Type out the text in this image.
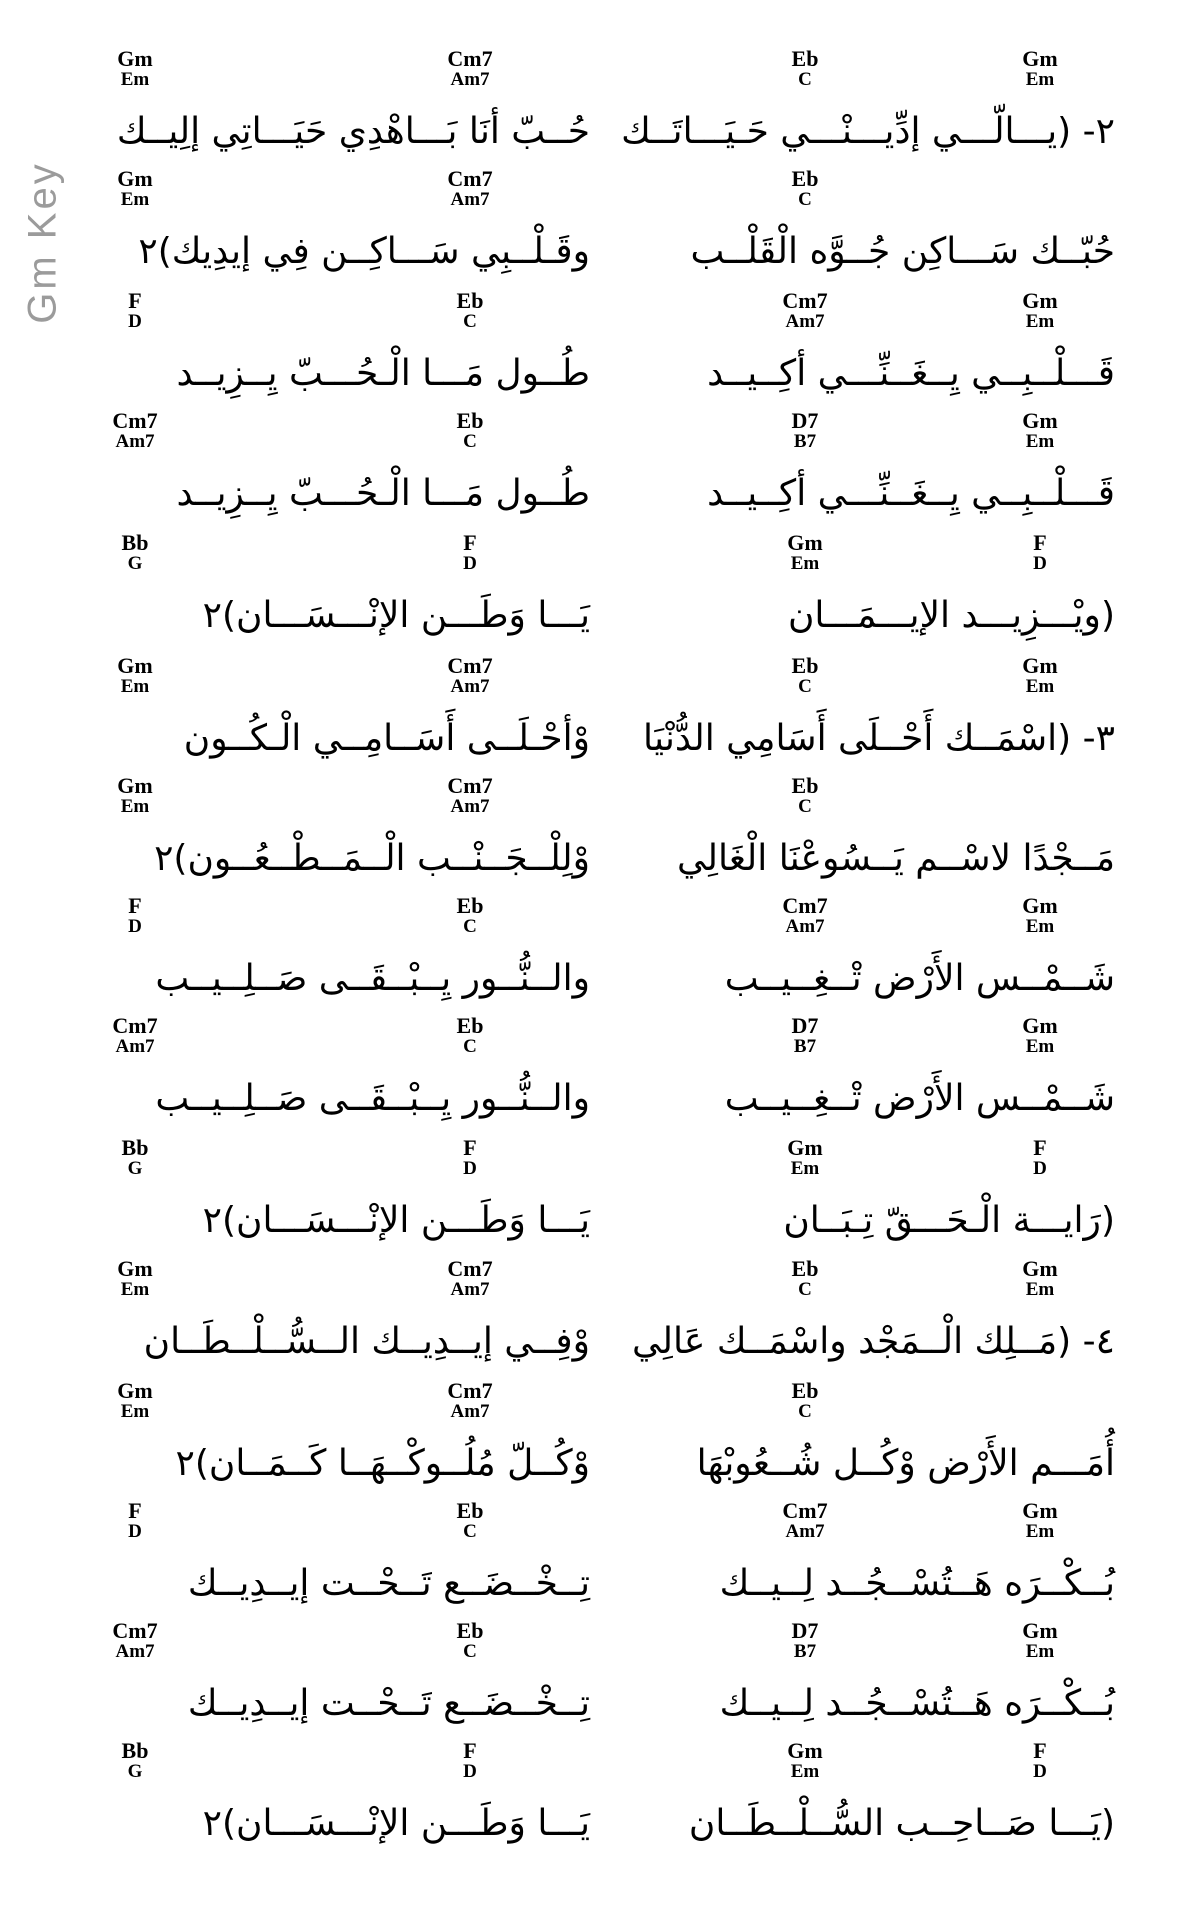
Gm Key
Gm
Em
Cm7
Am7
Eb
C
Gm
Em
٢- (يـــالّـــي إدِّيـــنْـــي حَـيَـــاتَــك
حُــبّ أنَا بَـــاهْدِي حَيَـــاتِي إلِيــك
Gm
Em
Cm7
Am7
Eb
C
حُبّــك سَـــاكِن جُــوَّه الْقَلْــب
وقَـلْــبِي سَـــاكِــن فِي إيدِيك)٢
F
D
Eb
C
Cm7
Am7
Gm
Em
قَـــلْــبِــي يِــغَــنِّـــي أكِــيــد
طُــول مَـــا الْـحُـــبّ يِــزِيــد
Cm7
Am7
Eb
C
D7
B7
Gm
Em
قَـــلْــبِــي يِــغَــنِّـــي أكِــيــد
طُــول مَـــا الْـحُـــبّ يِــزِيــد
Bb
G
F
D
Gm
Em
F
D
(ويْـــزِيـــد الإيـــمَـــان
يَـــا وَطَـــن الإنْـــسَـــان)٢
Gm
Em
Cm7
Am7
Eb
C
Gm
Em
٣- (اسْمَــك أَحْــلَى أَسَامِي الدُّنْيَا
وْأحْـلَــى أَسَــامِــي الْـكُــون
Gm
Em
Cm7
Am7
Eb
C
مَــجْدًا لاسْــم يَــسُوعْنَا الْغَالِي
وْلِلْــجَــنْــب الْــمَــطْــعُــون)٢
F
D
Eb
C
Cm7
Am7
Gm
Em
شَــمْــس الأَرْض تْــغِــيــب
والــنُّــور يِــبْــقَــى صَــلِــيــب
Cm7
Am7
Eb
C
D7
B7
Gm
Em
شَــمْــس الأَرْض تْــغِــيــب
والــنُّــور يِــبْــقَــى صَــلِــيــب
Bb
G
F
D
Gm
Em
F
D
(رَايـــة الْـحَـــقّ تِـبَــان
يَـــا وَطَـــن الإنْـــسَـــان)٢
Gm
Em
Cm7
Am7
Eb
C
Gm
Em
٤- (مَــلِك الْــمَجْد واسْمَــك عَالِي
وْفِــي إيــدِيــك الــسُّــلْــطَــان
Gm
Em
Cm7
Am7
Eb
C
أُمَـــم الأَرْض وْكُــل شُــعُوبْهَا
وْكُــلّ مُلُــوكْــهَــا كَــمَــان)٢
F
D
Eb
C
Cm7
Am7
Gm
Em
بُــكْــرَه هَــتُسْــجُــد لِــيــك
تِــخْــضَــع تَــحْــت إيــدِيــك
Cm7
Am7
Eb
C
D7
B7
Gm
Em
بُــكْــرَه هَــتُسْــجُــد لِــيــك
تِــخْــضَــع تَــحْــت إيــدِيــك
Bb
G
F
D
Gm
Em
F
D
(يَـــا صَــاحِــب السُّــلْــطَــان
يَـــا وَطَـــن الإنْـــسَـــان)٢
